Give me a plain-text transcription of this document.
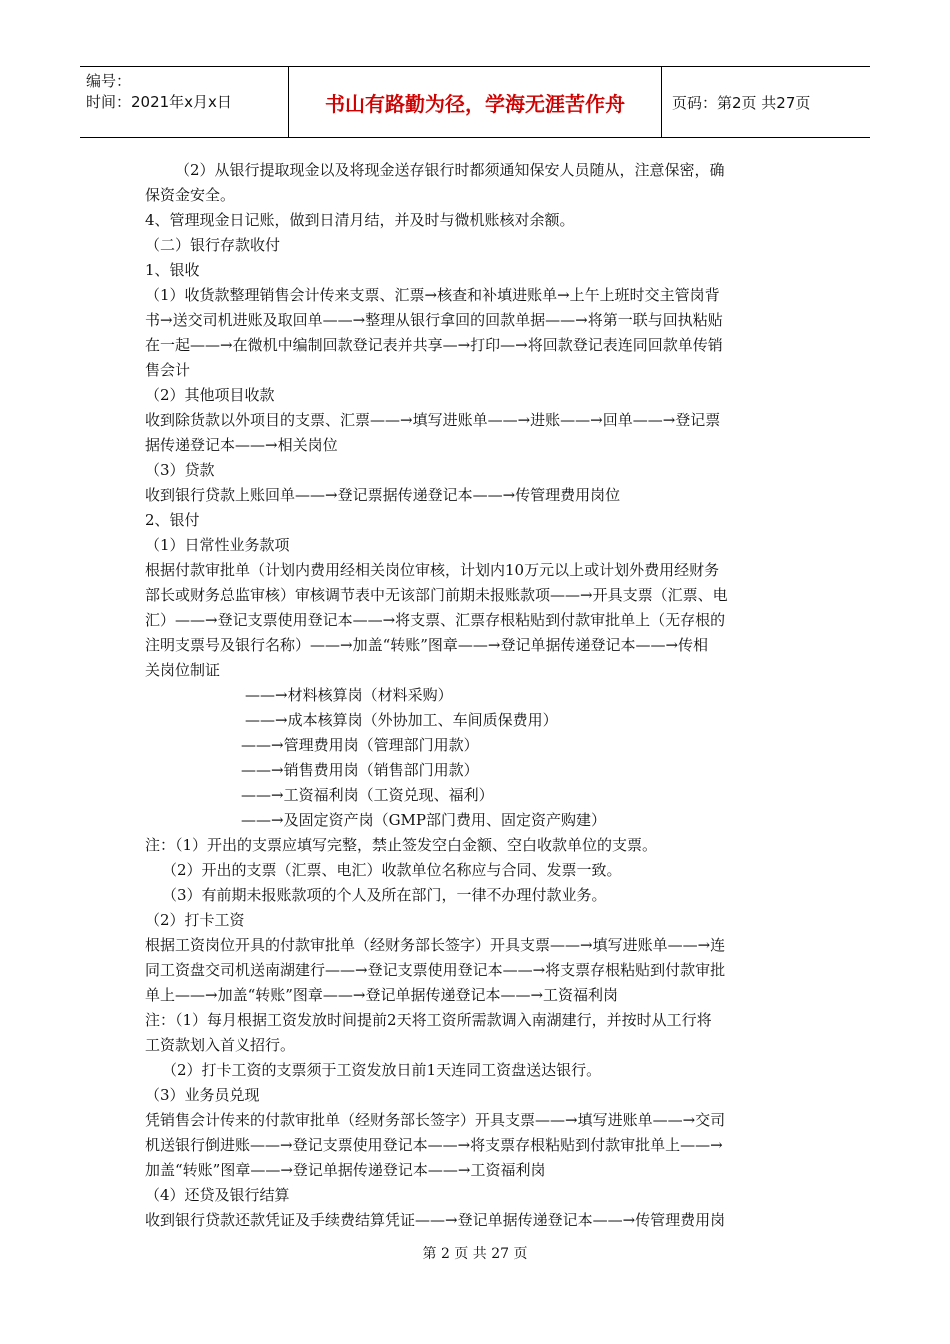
编号：
时间：2021年x月x日	书山有路勤为径，学海无涯苦作舟	页码：第2页 共27页
（2）从银行提取现金以及将现金送存银行时都须通知保安人员随从，注意保密，确
保资金安全。
4、管理现金日记账，做到日清月结，并及时与微机账核对余额。
（二）银行存款收付
1、银收
（1）收货款整理销售会计传来支票、汇票→核查和补填进账单→上午上班时交主管岗背
书→送交司机进账及取回单——→整理从银行拿回的回款单据——→将第一联与回执粘贴
在一起——→在微机中编制回款登记表并共享—→打印—→将回款登记表连同回款单传销
售会计
（2）其他项目收款
收到除货款以外项目的支票、汇票——→填写进账单——→进账——→回单——→登记票
据传递登记本——→相关岗位
（3）贷款
收到银行贷款上账回单——→登记票据传递登记本——→传管理费用岗位
2、银付
（1）日常性业务款项
根据付款审批单（计划内费用经相关岗位审核，计划内10万元以上或计划外费用经财务
部长或财务总监审核）审核调节表中无该部门前期未报账款项——→开具支票（汇票、电
汇）——→登记支票使用登记本——→将支票、汇票存根粘贴到付款审批单上（无存根的
注明支票号及银行名称）——→加盖“转账”图章——→登记单据传递登记本——→传相
关岗位制证
——→材料核算岗（材料采购）
——→成本核算岗（外协加工、车间质保费用）
——→管理费用岗（管理部门用款）
——→销售费用岗（销售部门用款）
——→工资福利岗（工资兑现、福利）
——→及固定资产岗（GMP部门费用、固定资产购建）
注：（1）开出的支票应填写完整，禁止签发空白金额、空白收款单位的支票。
（2）开出的支票（汇票、电汇）收款单位名称应与合同、发票一致。
（3）有前期未报账款项的个人及所在部门，一律不办理付款业务。
（2）打卡工资
根据工资岗位开具的付款审批单（经财务部长签字）开具支票——→填写进账单——→连
同工资盘交司机送南湖建行——→登记支票使用登记本——→将支票存根粘贴到付款审批
单上——→加盖“转账”图章——→登记单据传递登记本——→工资福利岗
注：（1）每月根据工资发放时间提前2天将工资所需款调入南湖建行，并按时从工行将
工资款划入首义招行。
（2）打卡工资的支票须于工资发放日前1天连同工资盘送达银行。
（3）业务员兑现
凭销售会计传来的付款审批单（经财务部长签字）开具支票——→填写进账单——→交司
机送银行倒进账——→登记支票使用登记本——→将支票存根粘贴到付款审批单上——→
加盖“转账”图章——→登记单据传递登记本——→工资福利岗
（4）还贷及银行结算
收到银行贷款还款凭证及手续费结算凭证——→登记单据传递登记本——→传管理费用岗
第 2 页 共 27 页
